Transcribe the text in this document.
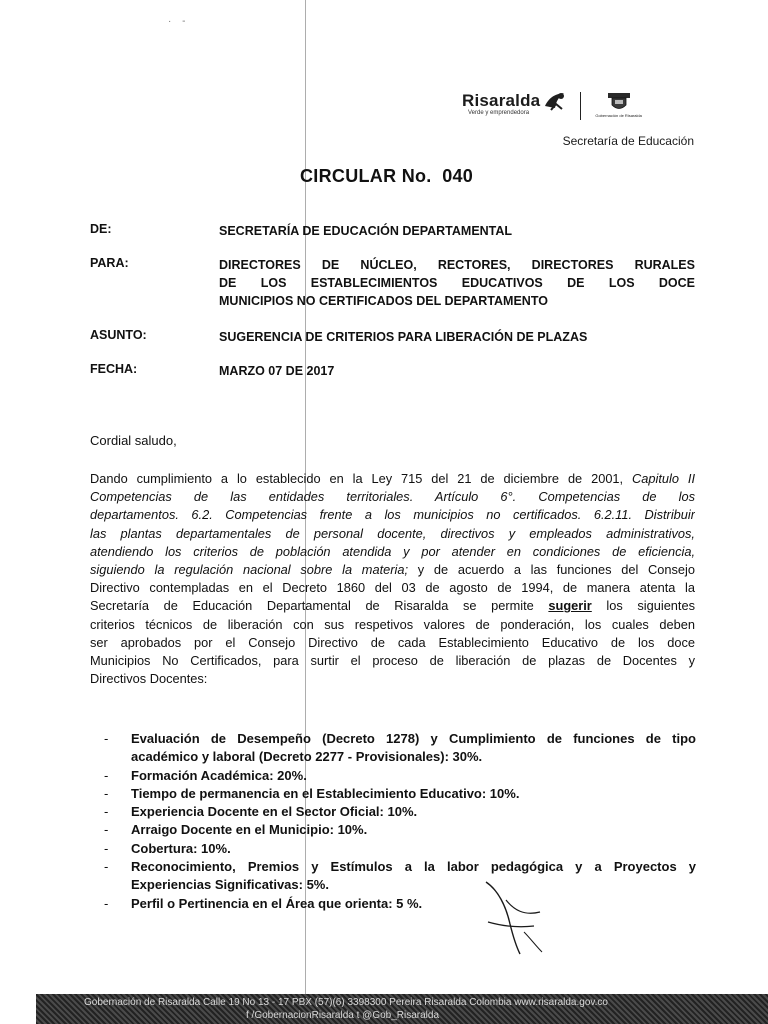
· -
Risaralda
Verde y emprendedora	Gobernación de Risaralda
Secretaría de Educación
CIRCULAR No.  040
DE:	SECRETARÍA DE EDUCACIÓN DEPARTAMENTAL
PARA:	DIRECTORES DE NÚCLEO, RECTORES, DIRECTORES RURALES
DE LOS ESTABLECIMIENTOS EDUCATIVOS DE LOS DOCE
MUNICIPIOS NO CERTIFICADOS DEL DEPARTAMENTO
ASUNTO:	SUGERENCIA DE CRITERIOS PARA LIBERACIÓN DE PLAZAS
FECHA:	MARZO 07 DE 2017
Cordial saludo,
Dando cumplimiento a lo establecido en la Ley 715 del 21 de diciembre de 2001, Capitulo II
Competencias de las entidades territoriales. Artículo 6°. Competencias de los
departamentos. 6.2. Competencias frente a los municipios no certificados. 6.2.11. Distribuir
las plantas departamentales de personal docente, directivos y empleados administrativos,
atendiendo los criterios de población atendida y por atender en condiciones de eficiencia,
siguiendo la regulación nacional sobre la materia; y de acuerdo a las funciones del Consejo
Directivo contempladas en el Decreto 1860 del 03 de agosto de 1994, de manera atenta la
Secretaría de Educación Departamental de Risaralda se permite sugerir los siguientes
criterios técnicos de liberación con sus respetivos valores de ponderación, los cuales deben
ser aprobados por el Consejo Directivo de cada Establecimiento Educativo de los doce
Municipios No Certificados, para surtir el proceso de liberación de plazas de Docentes y
Directivos Docentes:
-	Evaluación de Desempeño (Decreto 1278) y Cumplimiento de funciones de tipo
académico y laboral (Decreto 2277 - Provisionales): 30%.
-	Formación Académica: 20%.
-	Tiempo de permanencia en el Establecimiento Educativo: 10%.
-	Experiencia Docente en el Sector Oficial: 10%.
-	Arraigo Docente en el Municipio: 10%.
-	Cobertura: 10%.
-	Reconocimiento, Premios y Estímulos a la labor pedagógica y a Proyectos y
Experiencias Significativas: 5%.
-	Perfil o Pertinencia en el Área que orienta: 5 %.
Gobernación de Risaralda Calle 19 No 13 - 17 PBX (57)(6) 3398300 Pereira Risaralda Colombia www.risaralda.gov.co
f /GobernacionRisaralda t @Gob_Risaralda
